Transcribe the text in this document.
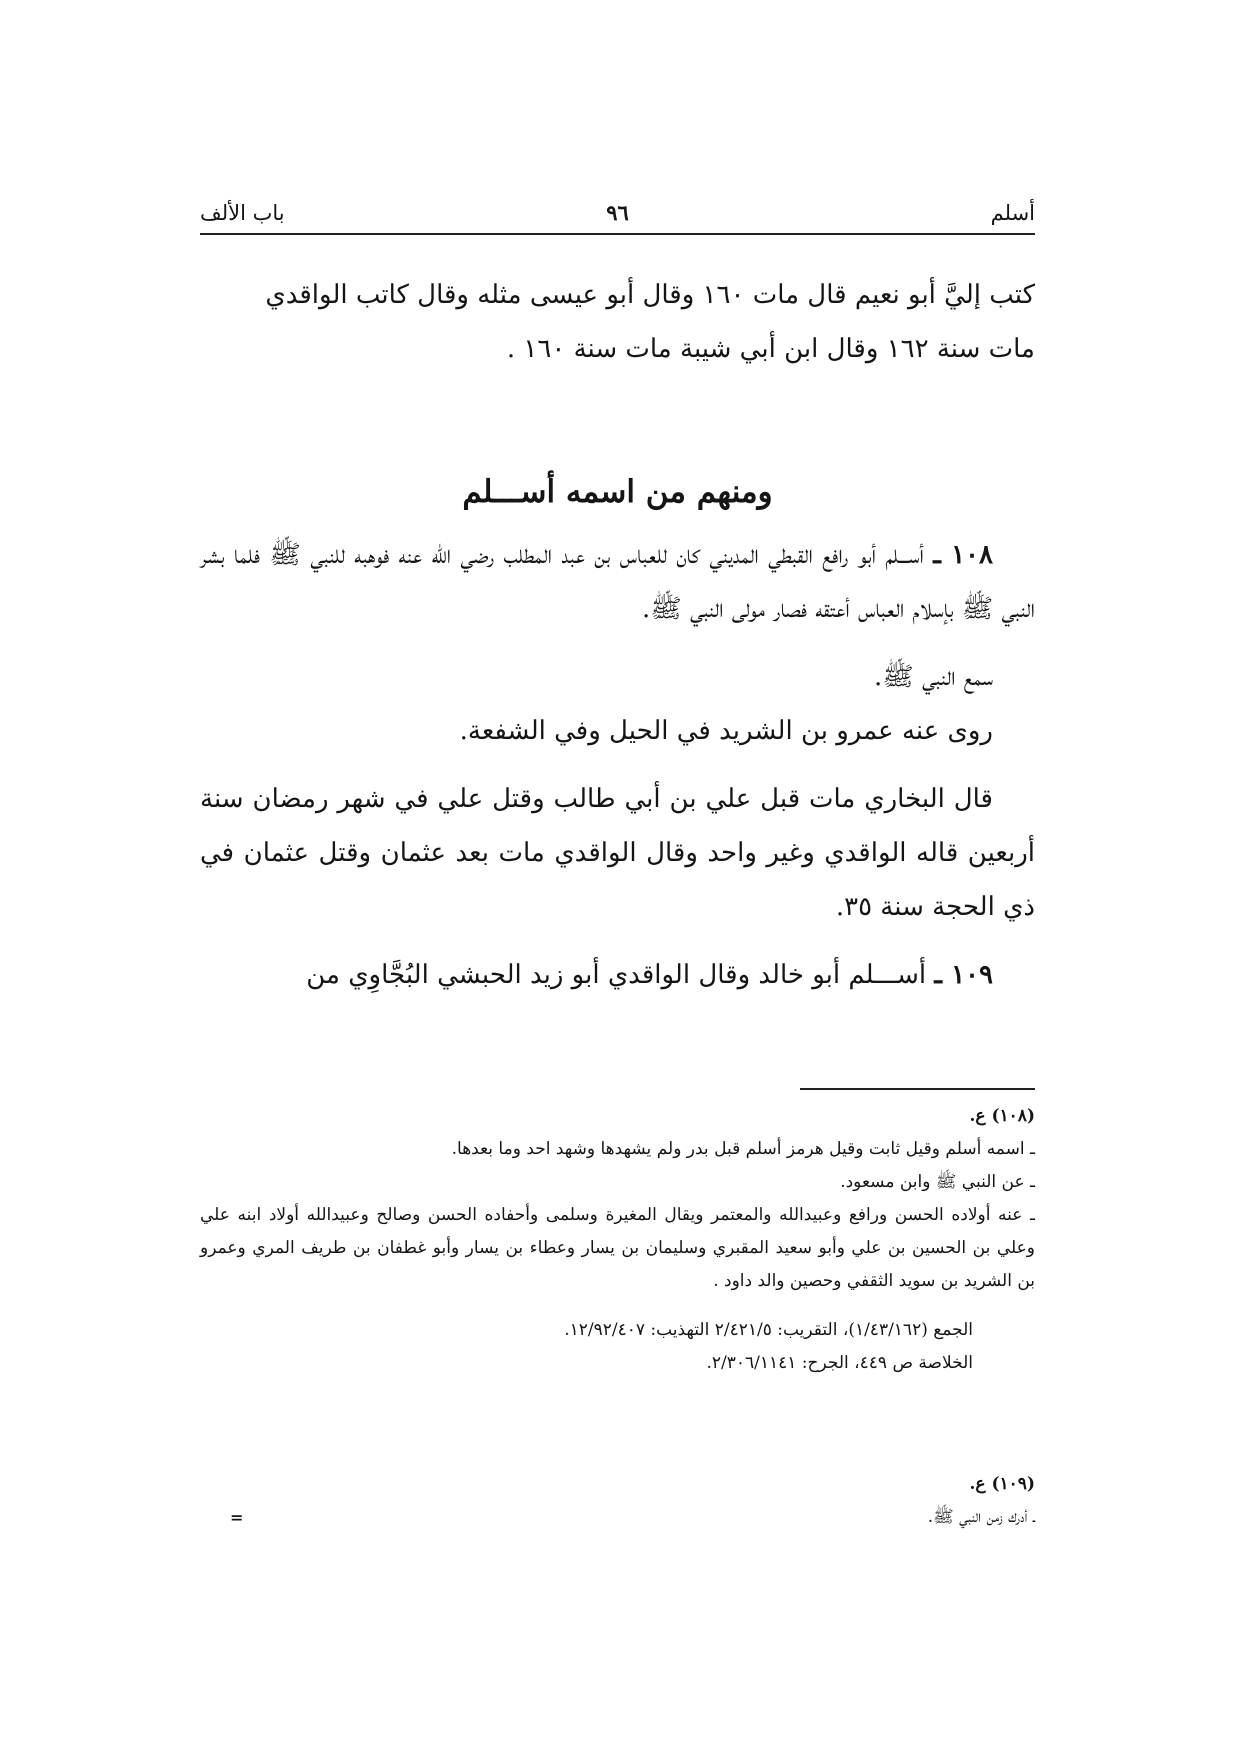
أسلم
٩٦
باب الألف

كتب إليَّ أبو نعيم قال مات ١٦٠ وقال أبو عيسى مثله وقال كاتب الواقدي

مات سنة ١٦٢ وقال ابن أبي شيبة مات سنة ١٦٠ .

ومنهم من اسمه أســـلم

١٠٨ ـ أســـلم أبو رافع القبطي المديني كان للعباس بن عبد المطلب رضي الله عنه فوهبه للنبي ﷺ فلما بشر النبي ﷺ بإسلام العباس أعتقه فصار مولى النبي ﷺ.

سمع النبي ﷺ.

روى عنه عمرو بن الشريد في الحيل وفي الشفعة.

قال البخاري مات قبل علي بن أبي طالب وقتل علي في شهر رمضان سنة أربعين قاله الواقدي وغير واحد وقال الواقدي مات بعد عثمان وقتل عثمان في ذي الحجة سنة ٣٥.

١٠٩ ـ أســـلم أبو خالد وقال الواقدي أبو زيد الحبشي البُجَّاوِي من

(١٠٨) ع.

ـ اسمه أسلم وقيل ثابت وقيل هرمز أسلم قبل بدر ولم يشهدها وشهد احد وما بعدها.

ـ عن النبي ﷺ وابن مسعود.

ـ عنه أولاده الحسن ورافع وعبيدالله والمعتمر ويقال المغيرة وسلمى وأحفاده الحسن وصالح وعبيدالله أولاد ابنه علي وعلي بن الحسين بن علي وأبو سعيد المقبري وسليمان بن يسار وعطاء بن يسار وأبو غطفان بن طريف المري وعمرو بن الشريد بن سويد الثقفي وحصين والد داود .

الجمع (١/٤٣/١٦٢)، التقريب: ٢/٤٢١/٥ التهذيب: ١٢/٩٢/٤٠٧.

الخلاصة ص ٤٤٩، الجرح: ٢/٣٠٦/١١٤١.

(١٠٩) ع.

ـ أدرك زمن النبي ﷺ.

=
